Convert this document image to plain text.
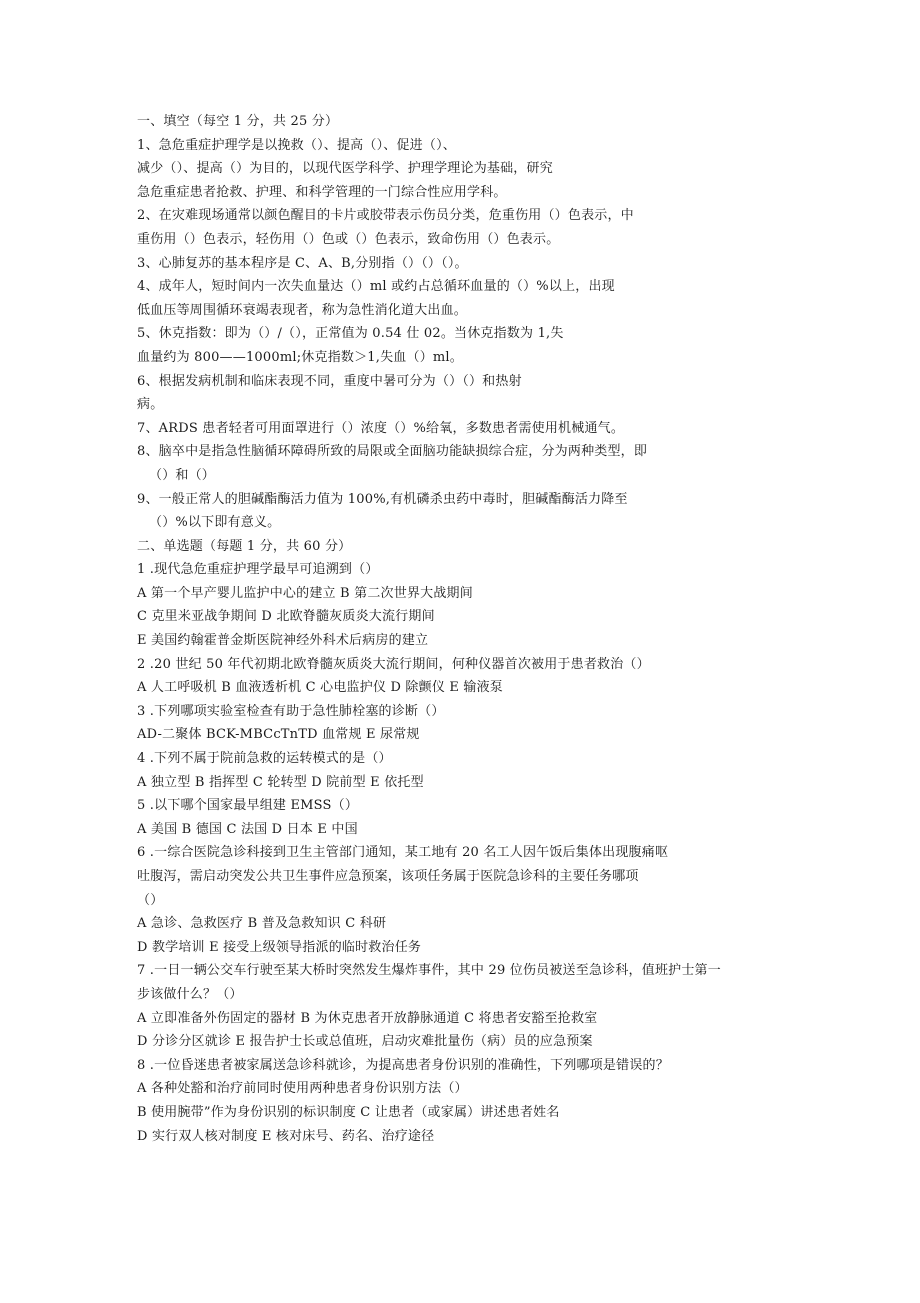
一、填空（每空 1 分，共 25 分）
1、急危重症护理学是以挽救（）、提高（）、促进（）、
减少（）、提高（）为目的，以现代医学科学、护理学理论为基础，研究
急危重症患者抢救、护理、和科学管理的一门综合性应用学科。
2、在灾难现场通常以颜色醒目的卡片或胶带表示伤员分类，危重伤用（）色表示，中
重伤用（）色表示，轻伤用（）色或（）色表示，致命伤用（）色表示。
3、心肺复苏的基本程序是 C、A、B,分别指（）（）（）。
4、成年人，短时间内一次失血量达（）ml 或约占总循环血量的（）%以上，出现
低血压等周围循环衰竭表现者，称为急性消化道大出血。
5、休克指数：即为（）/（），正常值为 0.54 仕 02。当休克指数为 1,失
血量约为 800——1000ml;休克指数＞1,失血（）ml。
6、根据发病机制和临床表现不同，重度中暑可分为（）（）和热射
病。
7、ARDS 患者轻者可用面罩进行（）浓度（）%给氧，多数患者需使用机械通气。
8、脑卒中是指急性脑循环障碍所致的局限或全面脑功能缺损综合症，分为两种类型，即
（）和（）
9、一般正常人的胆碱酯酶活力值为 100%,有机磷杀虫药中毒时，胆碱酯酶活力降至
（）%以下即有意义。
二、单选题（每题 1 分，共 60 分）
1 .现代急危重症护理学最早可追溯到（）
A 第一个早产婴儿监护中心的建立 B 第二次世界大战期间
C 克里米亚战争期间 D 北欧脊髓灰质炎大流行期间
E 美国约翰霍普金斯医院神经外科术后病房的建立
2 .20 世纪 50 年代初期北欧脊髓灰质炎大流行期间，何种仪器首次被用于患者救治（）
A 人工呼吸机 B 血液透析机 C 心电监护仪 D 除颤仪 E 输液泵
3 .下列哪项实验室检查有助于急性肺栓塞的诊断（）
AD-二聚体 BCK-MBCcTnTD 血常规 E 尿常规
4 .下列不属于院前急救的运转模式的是（）
A 独立型 B 指挥型 C 轮转型 D 院前型 E 依托型
5 .以下哪个国家最早组建 EMSS（）
A 美国 B 德国 C 法国 D 日本 E 中国
6 .一综合医院急诊科接到卫生主管部门通知，某工地有 20 名工人因午饭后集体出现腹痛呕
吐腹泻，需启动突发公共卫生事件应急预案，该项任务属于医院急诊科的主要任务哪项
（）
A 急诊、急救医疗 B 普及急救知识 C 科研
D 教学培训 E 接受上级领导指派的临时救治任务
7 .一日一辆公交车行驶至某大桥时突然发生爆炸事件，其中 29 位伤员被送至急诊科，值班护士第一
步该做什么？（）
A 立即准备外伤固定的器材 B 为休克患者开放静脉通道 C 将患者安豁至抢救室
D 分诊分区就诊 E 报告护士长或总值班，启动灾难批量伤（病）员的应急预案
8 .一位昏迷患者被家属送急诊科就诊，为提高患者身份识别的准确性，下列哪项是错误的？
A 各种处豁和治疗前同时使用两种患者身份识别方法（）
B 使用腕带”作为身份识别的标识制度 C 让患者（或家属）讲述患者姓名
D 实行双人核对制度 E 核对床号、药名、治疗途径
